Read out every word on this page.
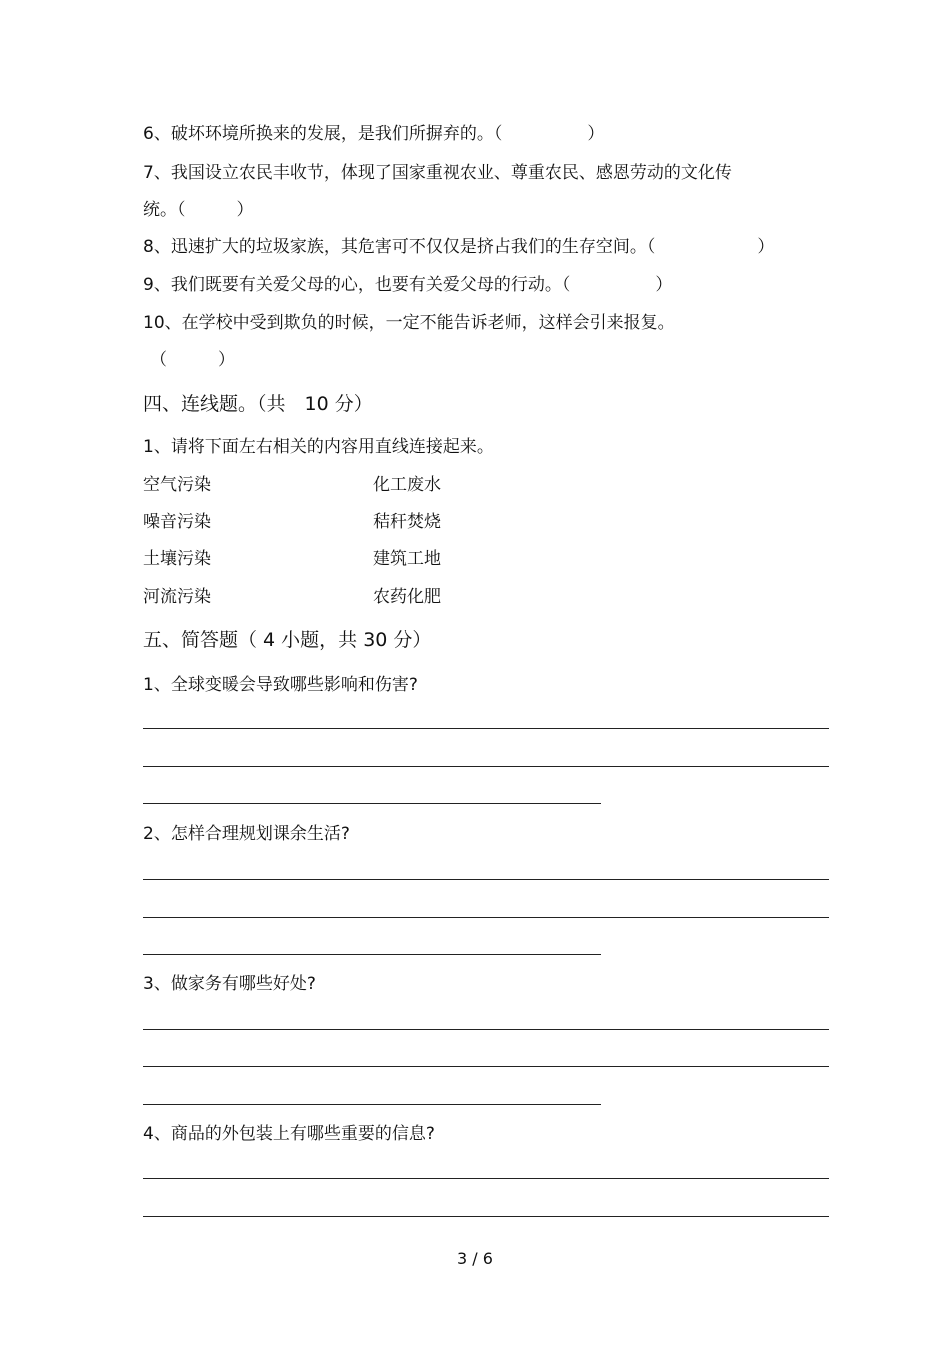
6、破坏环境所换来的发展，是我们所摒弃的。（　　　　　）
7、我国设立农民丰收节，体现了国家重视农业、尊重农民、感恩劳动的文化传
统。（　　　）
8、迅速扩大的垃圾家族，其危害可不仅仅是挤占我们的生存空间。（　　　　　　）
9、我们既要有关爱父母的心，也要有关爱父母的行动。（　　　　　）
10、在学校中受到欺负的时候，一定不能告诉老师，这样会引来报复。
（　　　）
四、连线题。（共　10 分）
1、请将下面左右相关的内容用直线连接起来。
空气污染	化工废水
噪音污染	秸秆焚烧
土壤污染	建筑工地
河流污染	农药化肥
五、简答题（ 4 小题，共 30 分）
1、全球变暖会导致哪些影响和伤害?
2、怎样合理规划课余生活?
3、做家务有哪些好处?
4、商品的外包装上有哪些重要的信息?
3 / 6
